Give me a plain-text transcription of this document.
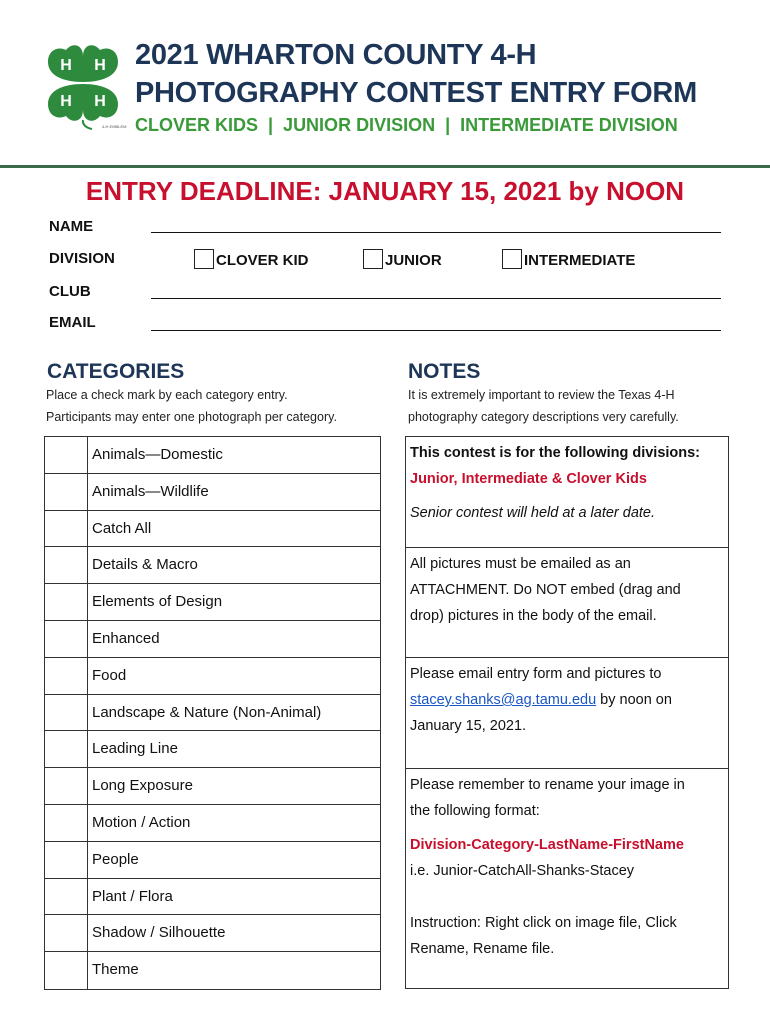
H H
H H
4-H EMBLEM
2021 WHARTON COUNTY 4-H
PHOTOGRAPHY CONTEST ENTRY FORM
CLOVER KIDS  |  JUNIOR DIVISION  |  INTERMEDIATE DIVISION
ENTRY DEADLINE: JANUARY 15, 2021 by NOON
NAME
DIVISION	CLOVER KID	JUNIOR	INTERMEDIATE
CLUB
EMAIL
CATEGORIES
Place a check mark by each category entry.
Participants may enter one photograph per category.
Animals—Domestic
Animals—Wildlife
Catch All
Details & Macro
Elements of Design
Enhanced
Food
Landscape & Nature (Non-Animal)
Leading Line
Long Exposure
Motion / Action
People
Plant / Flora
Shadow / Silhouette
Theme
NOTES
It is extremely important to review the Texas 4-H
photography category descriptions very carefully.
This contest is for the following divisions:
Junior, Intermediate & Clover Kids
Senior contest will held at a later date.
All pictures must be emailed as an
ATTACHMENT. Do NOT embed (drag and
drop) pictures in the body of the email.
Please email entry form and pictures to
stacey.shanks@ag.tamu.edu by noon on
January 15, 2021.
Please remember to rename your image in
the following format:
Division-Category-LastName-FirstName
i.e. Junior-CatchAll-Shanks-Stacey
Instruction: Right click on image file, Click
Rename, Rename file.
